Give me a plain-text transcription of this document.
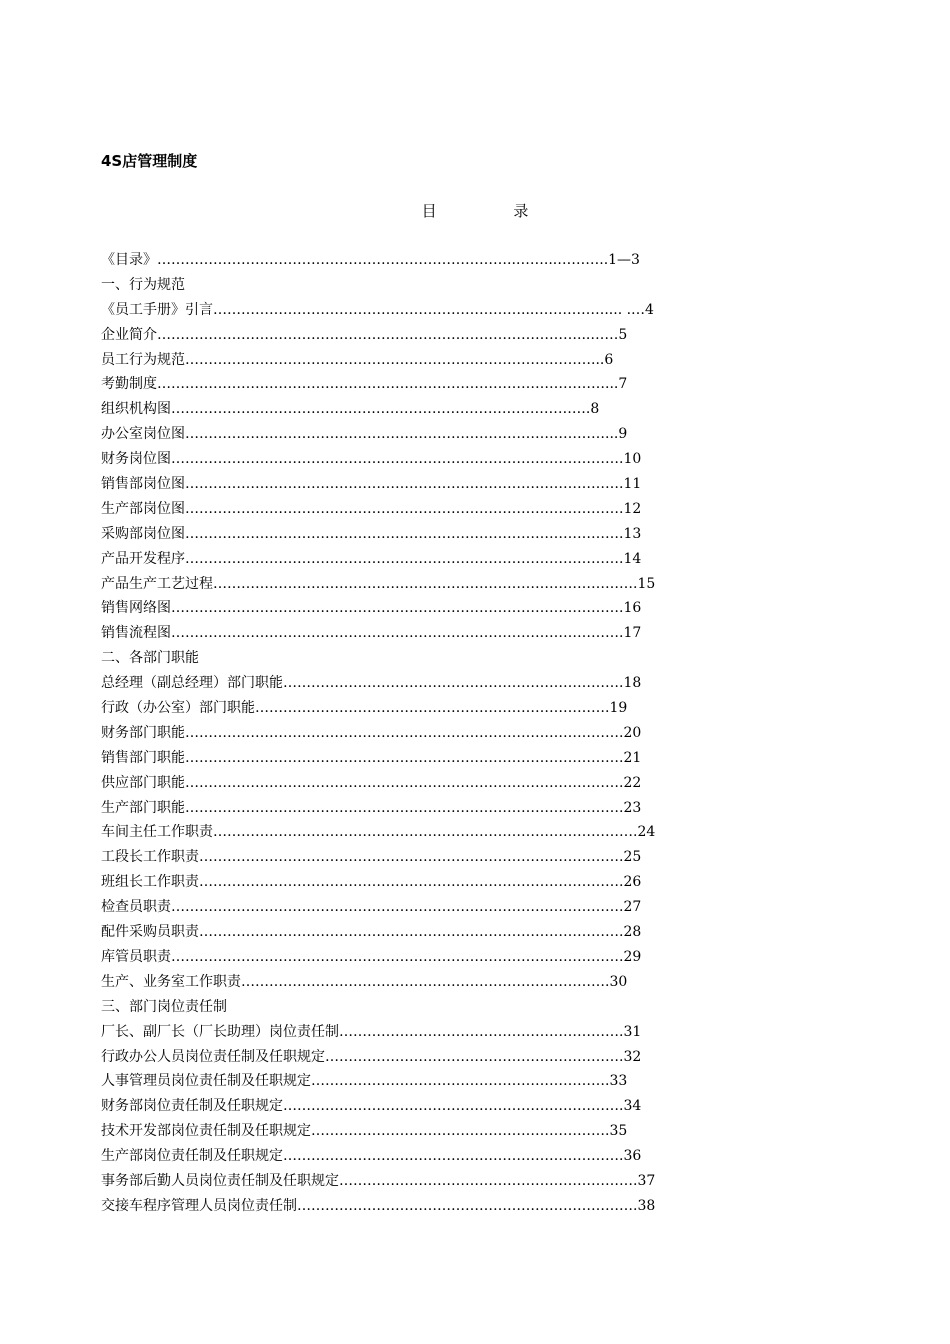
4S店管理制度
目 录
《目录》…………………………………………………………………..……...………..1—3
一、行为规范
《员工手册》引言…………………………………………………………...…………….... .…4
企业简介………………………………………………………………………………...……5
员工行为规范……………………………………………………………………………...6
考勤制度……………………………………………………………………………………...7
组织机构图………………………………..…………………………………………….8
办公室岗位图………………………………………………………………………………...9
财务岗位图…………………………………………………………………………………….10
销售部岗位图………………………………………………………………………………….11
生产部岗位图………………………………………………………………………………….12
采购部岗位图………………………………………………………………………………….13
产品开发程序………………………………………………………………………………….14
产品生产工艺过程……………………………………………………………………………….15
销售网络图…………………………………………………………………………………….16
销售流程图…………………………………………………………………………………….17
二、各部门职能
总经理（副总经理）部门职能……………………………………………………………….18
行政（办公室）部门职能………………………………………………………………….19
财务部门职能………………………………………………………………………………….20
销售部门职能………………………………………………………………………………….21
供应部门职能………………………………………………………………………………….22
生产部门职能………………………………………………………………………………….23
车间主任工作职责……………………………………………………………………………….24
工段长工作职责……………………………………………………………………………….25
班组长工作职责……………………………………………………………………………….26
检查员职责…………………………………………………………………………………….27
配件采购员职责……………………………………………………………………………….28
库管员职责…………………………………………………………………………………….29
生产、业务室工作职责…………………………………………………………………….30
三、部门岗位责任制
厂长、副厂长（厂长助理）岗位责任制…………………………………………………….31
行政办公人员岗位责任制及任职规定……………………………………………………….32
人事管理员岗位责任制及任职规定……………………………………………………….33
财务部岗位责任制及任职规定……………………………………………………………….34
技术开发部岗位责任制及任职规定……………………………………………………….35
生产部岗位责任制及任职规定……………………………………………………………….36
事务部后勤人员岗位责任制及任职规定……………………………………………………….37
交接车程序管理人员岗位责任制……………………………………………………………….38
